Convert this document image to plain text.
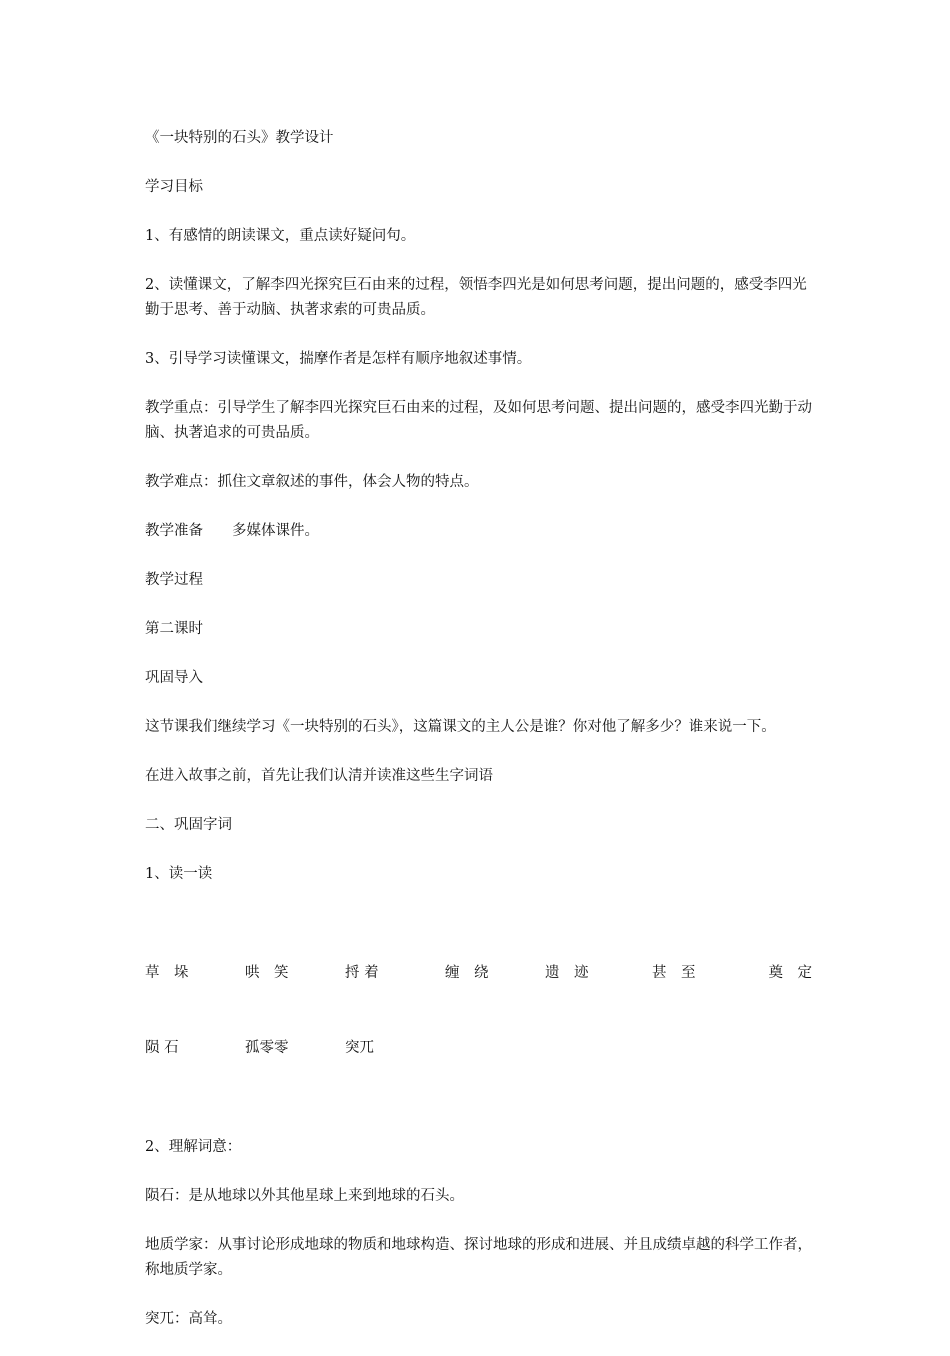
《一块特别的石头》教学设计

学习目标

1、有感情的朗读课文，重点读好疑问句。

2、读懂课文，了解李四光探究巨石由来的过程，领悟李四光是如何思考问题，提出问题的，感受李四光勤于思考、善于动脑、执著求索的可贵品质。

3、引导学习读懂课文，揣摩作者是怎样有顺序地叙述事情。

教学重点：引导学生了解李四光探究巨石由来的过程，及如何思考问题、提出问题的，感受李四光勤于动脑、执著追求的可贵品质。

教学难点：抓住文章叙述的事件，体会人物的特点。

教学准备　　多媒体课件。

教学过程

第二课时

巩固导入

这节课我们继续学习《一块特别的石头》，这篇课文的主人公是谁？你对他了解多少？谁来说一下。

在进入故事之前，首先让我们认清并读准这些生字词语

二、巩固字词

1、读一读

草　垛	哄　笑	捋 着	缠　绕	遗　迹	甚　至	奠　定

陨 石	孤零零	突兀

2、理解词意：

陨石：是从地球以外其他星球上来到地球的石头。

地质学家：从事讨论形成地球的物质和地球构造、探讨地球的形成和进展、并且成绩卓越的科学工作者，称地质学家。

突兀：高耸。
